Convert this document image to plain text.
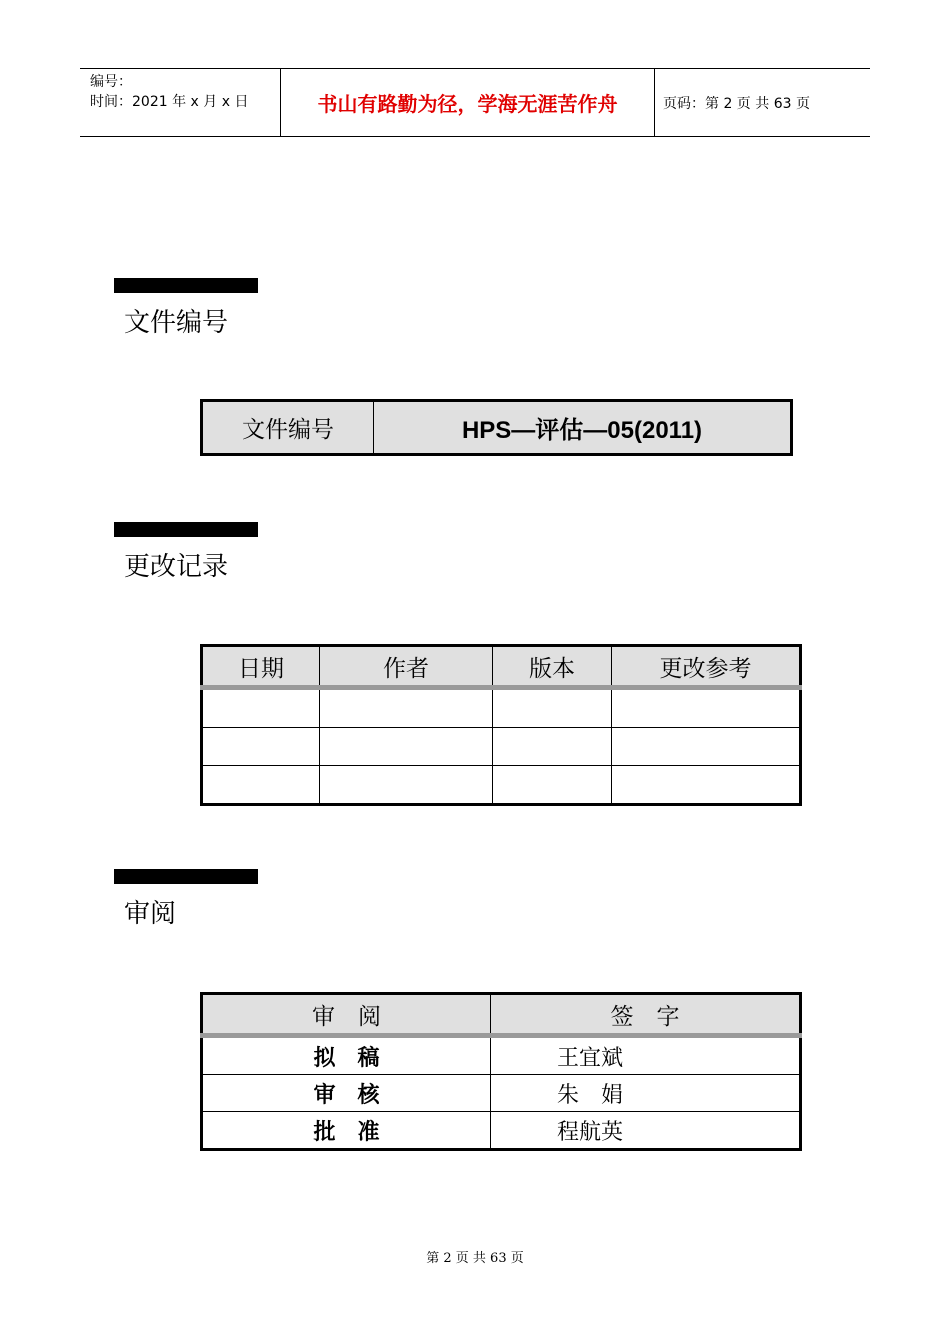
编号：
时间：2021 年 x 月 x 日	书山有路勤为径，学海无涯苦作舟	页码：第 2 页 共 63 页
文件编号
文件编号	HPS—评估—05(2011)
更改记录
日期	作者	版本	更改参考

审阅
审　阅	签　字
拟　稿	王宜斌
审　核	朱　娟
批　准	程航英
第 2 页 共 63 页
